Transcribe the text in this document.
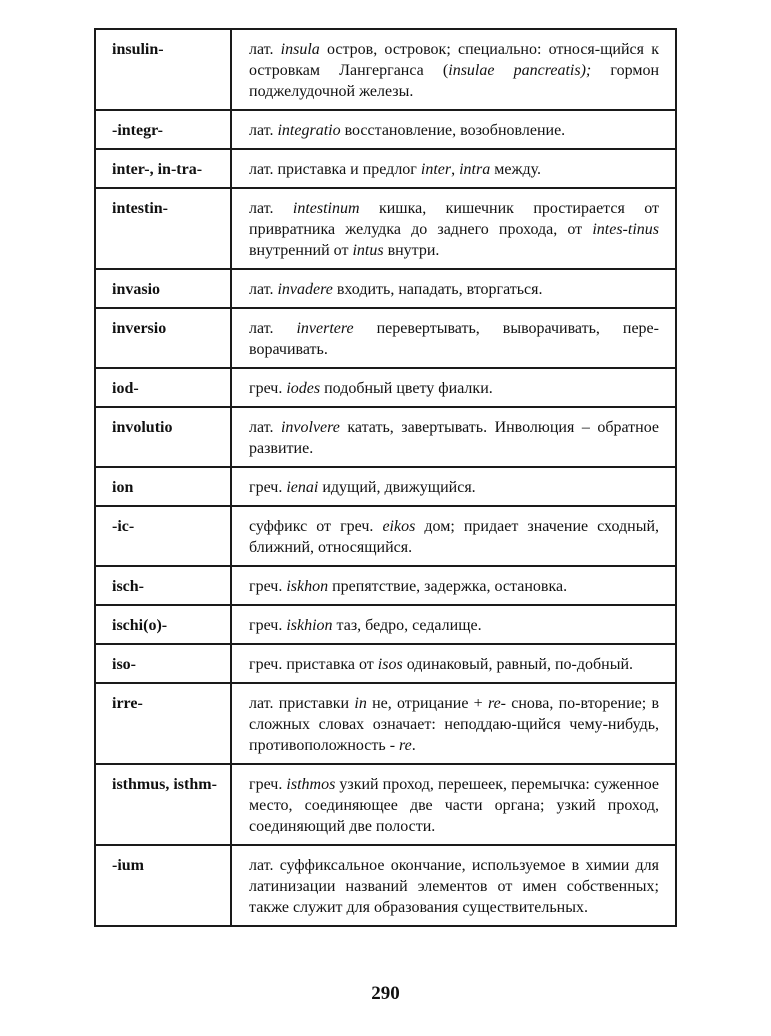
insulin-	лат. insula остров, островок; специально: относя-щийся к островкам Лангерганса (insulae pancreatis); гормон поджелудочной железы.
-integr-	лат. integratio восстановление, возобновление.
inter-, in-tra-	лат. приставка и предлог inter, intra между.
intestin-	лат. intestinum кишка, кишечник простирается от привратника желудка до заднего прохода, от intes-tinus внутренний от intus внутри.
invasio	лат. invadere входить, нападать, вторгаться.
inversio	лат. invertere перевертывать, выворачивать, пере-ворачивать.
iod-	греч. iodes подобный цвету фиалки.
involutio	лат. involvere катать, завертывать. Инволюция – обратное развитие.
ion	греч. ienai идущий, движущийся.
-ic-	суффикс от греч. eikos дом; придает значение сходный, ближний, относящийся.
isch-	греч. iskhon препятствие, задержка, остановка.
ischi(o)-	греч. iskhion таз, бедро, седалище.
iso-	греч. приставка от isos одинаковый, равный, по-добный.
irre-	лат. приставки in не, отрицание + re- снова, по-вторение; в сложных словах означает: неподдаю-щийся чему-нибудь, противоположность - re.
isthmus, isthm-	греч. isthmos узкий проход, перешеек, перемычка: суженное место, соединяющее две части органа; узкий проход, соединяющий две полости.
-ium	лат. суффиксальное окончание, используемое в химии для латинизации названий элементов от имен собственных; также служит для образования существительных.
290
